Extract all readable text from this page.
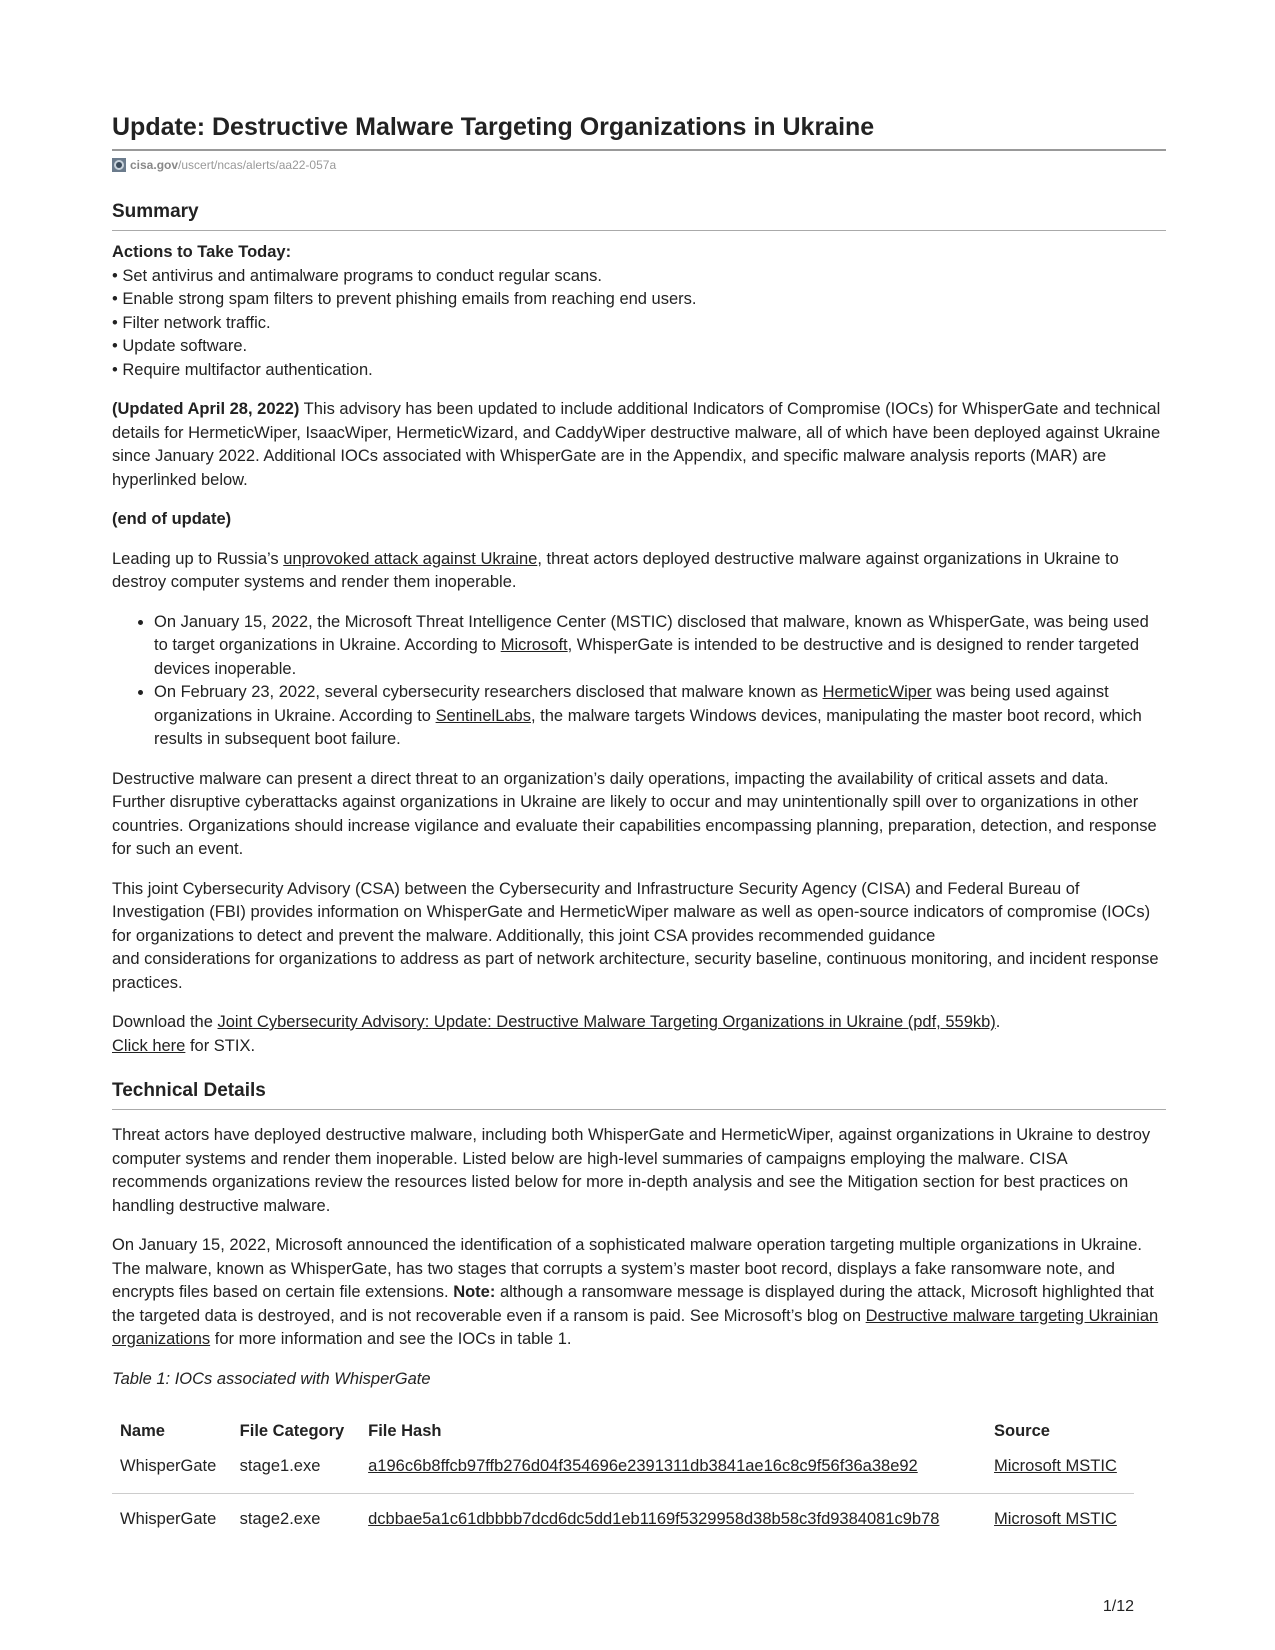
Update: Destructive Malware Targeting Organizations in Ukraine
cisa.gov /uscert/ncas/alerts/aa22-057a
Summary
Actions to Take Today:
• Set antivirus and antimalware programs to conduct regular scans.
• Enable strong spam filters to prevent phishing emails from reaching end users.
• Filter network traffic.
• Update software.
• Require multifactor authentication.

(Updated April 28, 2022) This advisory has been updated to include additional Indicators of Compromise (IOCs) for WhisperGate and technical details for HermeticWiper, IsaacWiper, HermeticWizard, and CaddyWiper destructive malware, all of which have been deployed against Ukraine since January 2022. Additional IOCs associated with WhisperGate are in the Appendix, and specific malware analysis reports (MAR) are hyperlinked below.

(end of update)

Leading up to Russia’s unprovoked attack against Ukraine, threat actors deployed destructive malware against organizations in Ukraine to destroy computer systems and render them inoperable.

• On January 15, 2022, the Microsoft Threat Intelligence Center (MSTIC) disclosed that malware, known as WhisperGate, was being used to target organizations in Ukraine. According to Microsoft, WhisperGate is intended to be destructive and is designed to render targeted devices inoperable.
• On February 23, 2022, several cybersecurity researchers disclosed that malware known as HermeticWiper was being used against organizations in Ukraine. According to SentinelLabs, the malware targets Windows devices, manipulating the master boot record, which results in subsequent boot failure.

Destructive malware can present a direct threat to an organization’s daily operations, impacting the availability of critical assets and data. Further disruptive cyberattacks against organizations in Ukraine are likely to occur and may unintentionally spill over to organizations in other countries. Organizations should increase vigilance and evaluate their capabilities encompassing planning, preparation, detection, and response for such an event.

This joint Cybersecurity Advisory (CSA) between the Cybersecurity and Infrastructure Security Agency (CISA) and Federal Bureau of Investigation (FBI) provides information on WhisperGate and HermeticWiper malware as well as open-source indicators of compromise (IOCs) for organizations to detect and prevent the malware. Additionally, this joint CSA provides recommended guidance
and considerations for organizations to address as part of network architecture, security baseline, continuous monitoring, and incident response practices.

Download the Joint Cybersecurity Advisory: Update: Destructive Malware Targeting Organizations in Ukraine (pdf, 559kb).
Click here for STIX.

Technical Details

Threat actors have deployed destructive malware, including both WhisperGate and HermeticWiper, against organizations in Ukraine to destroy computer systems and render them inoperable. Listed below are high-level summaries of campaigns employing the malware. CISA recommends organizations review the resources listed below for more in-depth analysis and see the Mitigation section for best practices on handling destructive malware.

On January 15, 2022, Microsoft announced the identification of a sophisticated malware operation targeting multiple organizations in Ukraine. The malware, known as WhisperGate, has two stages that corrupts a system’s master boot record, displays a fake ransomware note, and encrypts files based on certain file extensions. Note: although a ransomware message is displayed during the attack, Microsoft highlighted that the targeted data is destroyed, and is not recoverable even if a ransom is paid. See Microsoft’s blog on Destructive malware targeting Ukrainian organizations for more information and see the IOCs in table 1.

Table 1: IOCs associated with WhisperGate
Name	File Category	File Hash	Source
WhisperGate	stage1.exe	a196c6b8ffcb97ffb276d04f354696e2391311db3841ae16c8c9f56f36a38e92	Microsoft MSTIC
WhisperGate	stage2.exe	dcbbae5a1c61dbbbb7dcd6dc5dd1eb1169f5329958d38b58c3fd9384081c9b78	Microsoft MSTIC
1/12
